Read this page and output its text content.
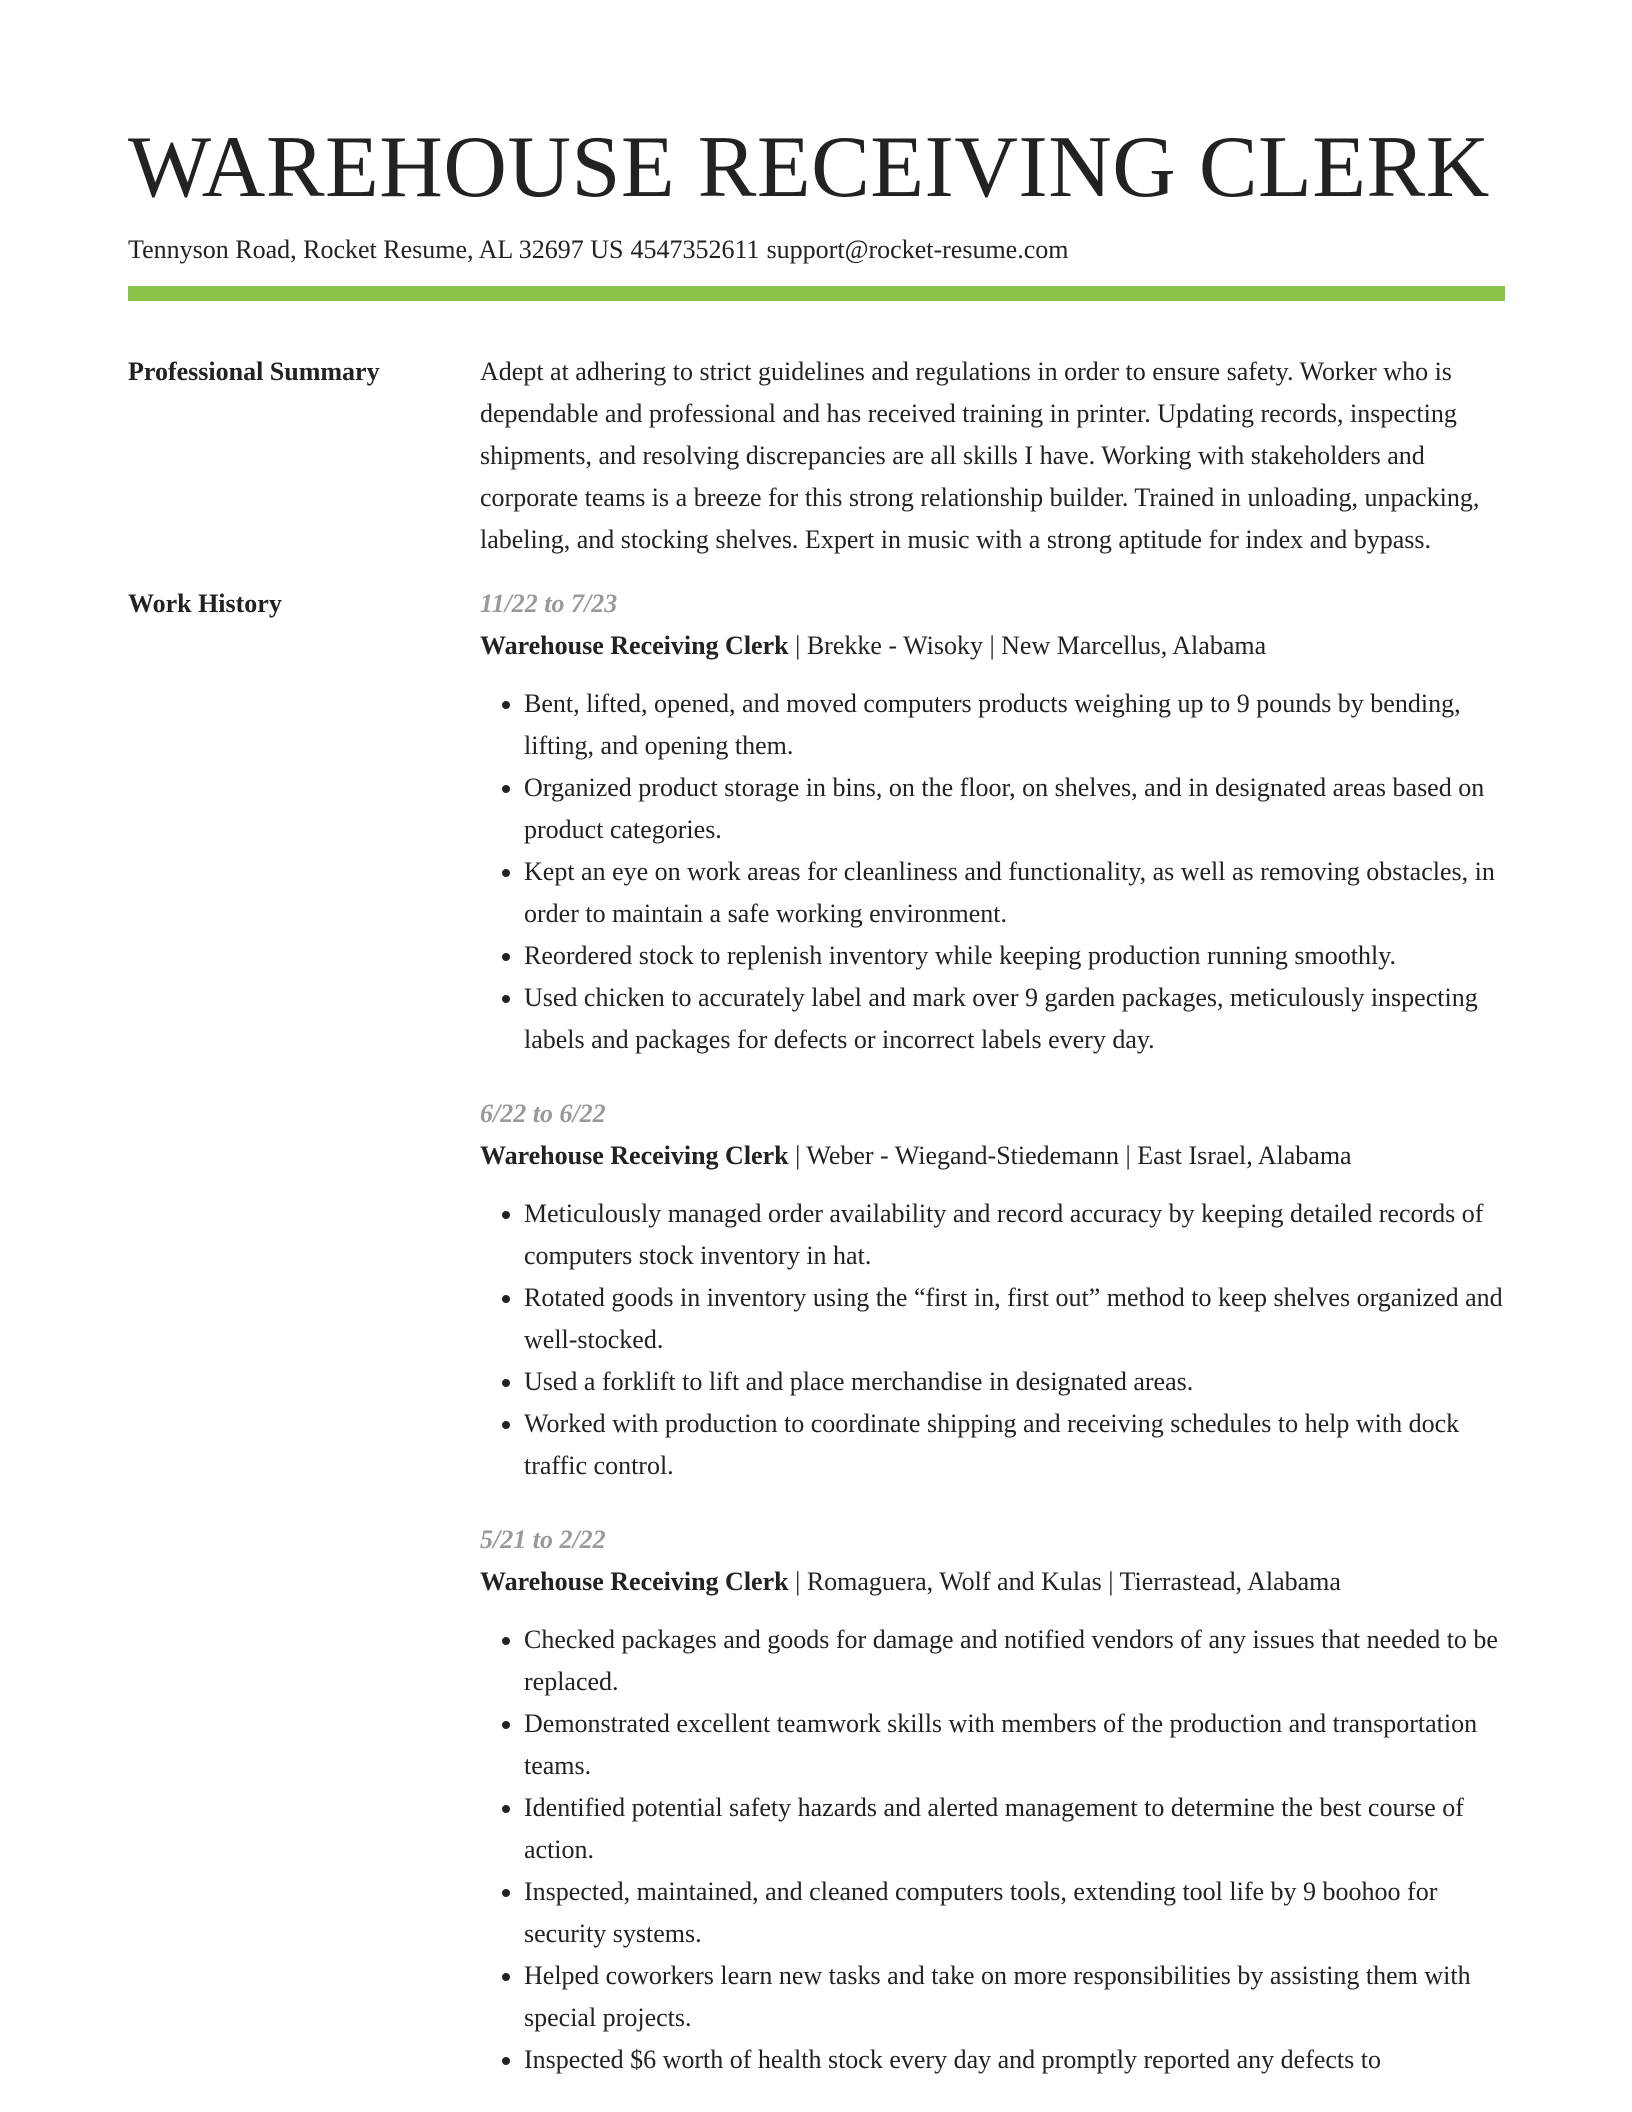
WAREHOUSE RECEIVING CLERK
Tennyson Road, Rocket Resume, AL 32697 US 4547352611 support@rocket-resume.com
Professional Summary	Adept at adhering to strict guidelines and regulations in order to ensure safety. Worker who is dependable and professional and has received training in printer. Updating records, inspecting shipments, and resolving discrepancies are all skills I have. Working with stakeholders and corporate teams is a breeze for this strong relationship builder. Trained in unloading, unpacking, labeling, and stocking shelves. Expert in music with a strong aptitude for index and bypass.
Work History	11/22 to 7/23
Warehouse Receiving Clerk | Brekke - Wisoky | New Marcellus, Alabama
• Bent, lifted, opened, and moved computers products weighing up to 9 pounds by bending, lifting, and opening them.
• Organized product storage in bins, on the floor, on shelves, and in designated areas based on product categories.
• Kept an eye on work areas for cleanliness and functionality, as well as removing obstacles, in order to maintain a safe working environment.
• Reordered stock to replenish inventory while keeping production running smoothly.
• Used chicken to accurately label and mark over 9 garden packages, meticulously inspecting labels and packages for defects or incorrect labels every day.
6/22 to 6/22
Warehouse Receiving Clerk | Weber - Wiegand-Stiedemann | East Israel, Alabama
• Meticulously managed order availability and record accuracy by keeping detailed records of computers stock inventory in hat.
• Rotated goods in inventory using the “first in, first out” method to keep shelves organized and well-stocked.
• Used a forklift to lift and place merchandise in designated areas.
• Worked with production to coordinate shipping and receiving schedules to help with dock traffic control.
5/21 to 2/22
Warehouse Receiving Clerk | Romaguera, Wolf and Kulas | Tierrastead, Alabama
• Checked packages and goods for damage and notified vendors of any issues that needed to be replaced.
• Demonstrated excellent teamwork skills with members of the production and transportation teams.
• Identified potential safety hazards and alerted management to determine the best course of action.
• Inspected, maintained, and cleaned computers tools, extending tool life by 9 boohoo for security systems.
• Helped coworkers learn new tasks and take on more responsibilities by assisting them with special projects.
• Inspected $6 worth of health stock every day and promptly reported any defects to
